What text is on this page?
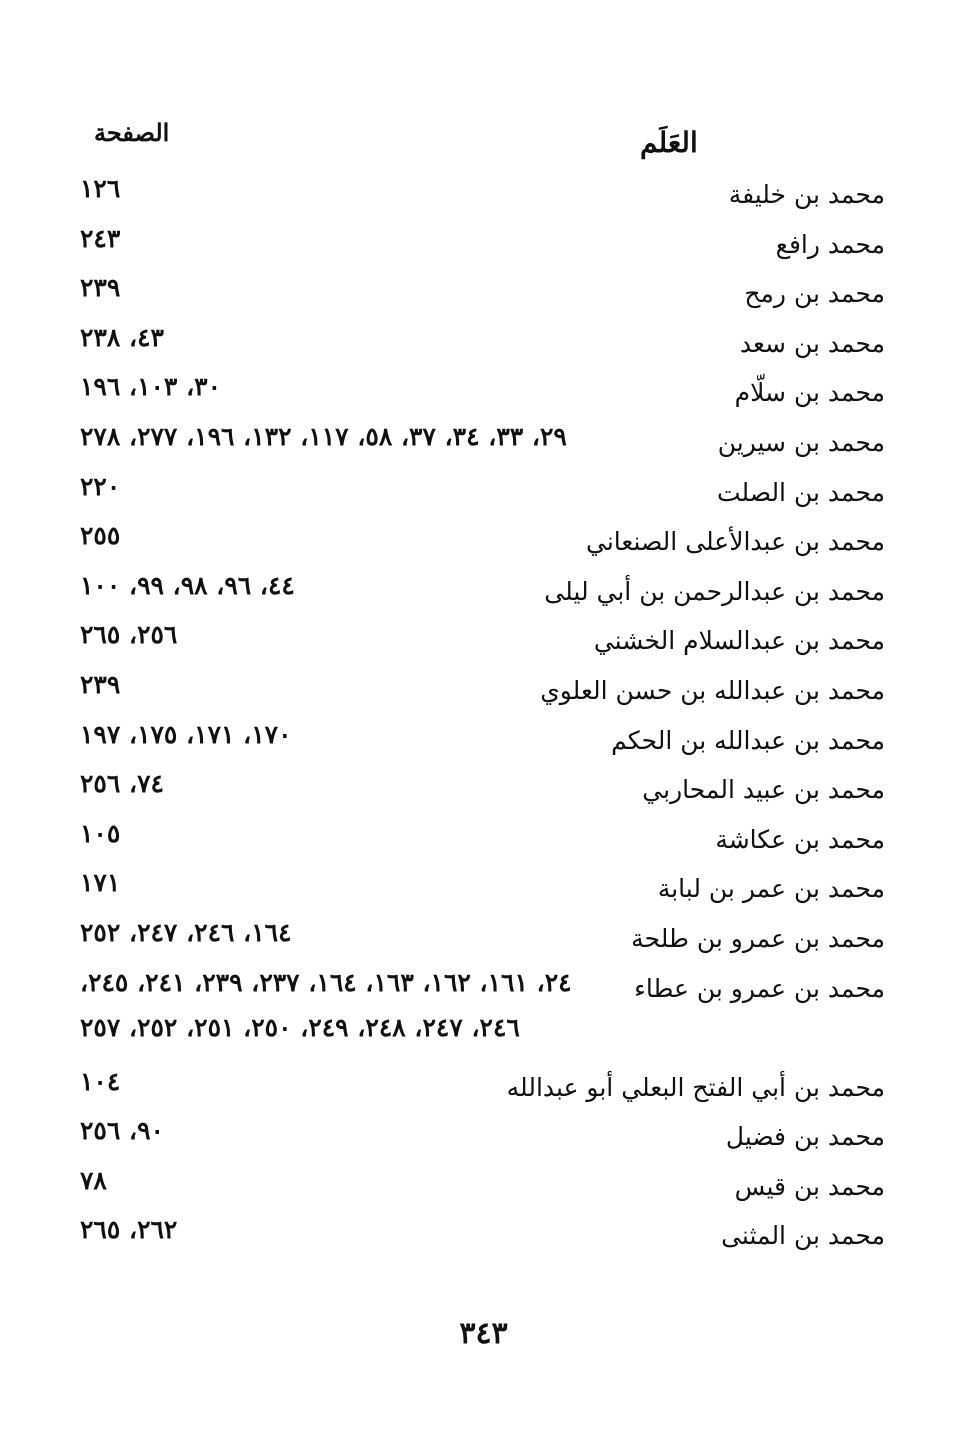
العَلَم
الصفحة
محمد بن خليفة
١٢٦
محمد رافع
٢٤٣
محمد بن رمح
٢٣٩
محمد بن سعد
٤٣، ٢٣٨
محمد بن سلّام
٣٠، ١٠٣، ١٩٦
محمد بن سيرين
٢٩، ٣٣، ٣٤، ٣٧، ٥٨، ١١٧، ١٣٢، ١٩٦، ٢٧٧، ٢٧٨
محمد بن الصلت
٢٢٠
محمد بن عبدالأعلى الصنعاني
٢٥٥
محمد بن عبدالرحمن بن أبي ليلى
٤٤، ٩٦، ٩٨، ٩٩، ١٠٠
محمد بن عبدالسلام الخشني
٢٥٦، ٢٦٥
محمد بن عبدالله بن حسن العلوي
٢٣٩
محمد بن عبدالله بن الحكم
١٧٠، ١٧١، ١٧٥، ١٩٧
محمد بن عبيد المحاربي
٧٤، ٢٥٦
محمد بن عكاشة
١٠٥
محمد بن عمر بن لبابة
١٧١
محمد بن عمرو بن طلحة
١٦٤، ٢٤٦، ٢٤٧، ٢٥٢
محمد بن عمرو بن عطاء
٢٤، ١٦١، ١٦٢، ١٦٣، ١٦٤، ٢٣٧، ٢٣٩، ٢٤١، ٢٤٥،
٢٤٦، ٢٤٧، ٢٤٨، ٢٤٩، ٢٥٠، ٢٥١، ٢٥٢، ٢٥٧
محمد بن أبي الفتح البعلي أبو عبدالله
١٠٤
محمد بن فضيل
٩٠، ٢٥٦
محمد بن قيس
٧٨
محمد بن المثنى
٢٦٢، ٢٦٥
٣٤٣
